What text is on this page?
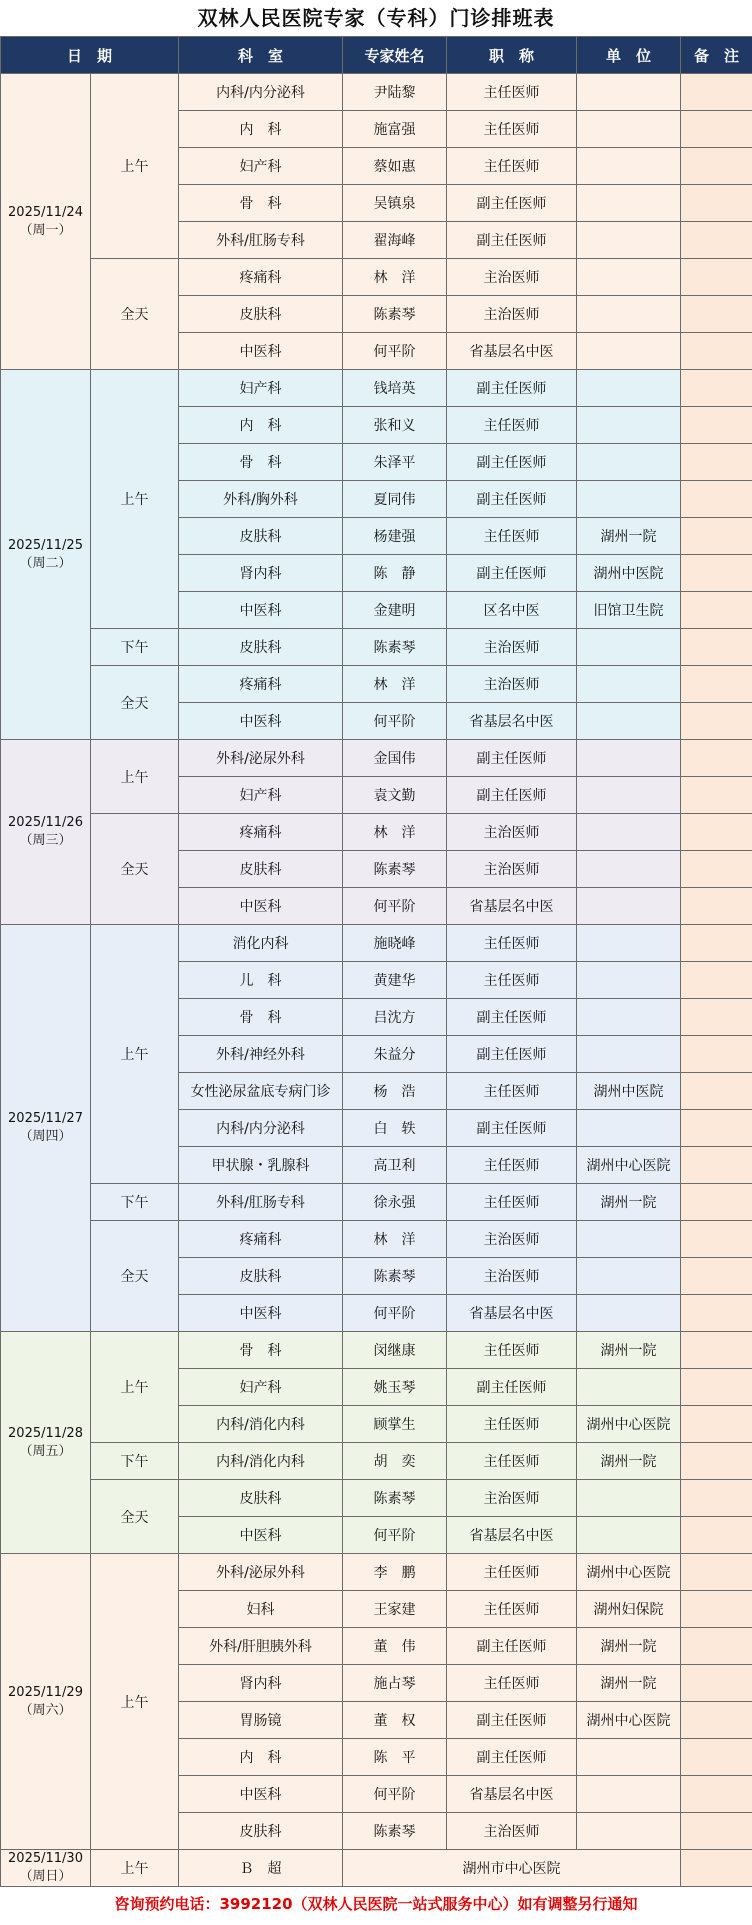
双林人民医院专家（专科）门诊排班表
日　期		科　室	专家姓名	职　称	单　位	备　注

2025/11/24
（周一）	上午	内科/内分泌科	尹陆黎	主任医师		
		内　科	施富强	主任医师		
		妇产科	蔡如惠	主任医师		
		骨　科	吴镇泉	副主任医师		
		外科/肛肠专科	翟海峰	副主任医师		
	全天	疼痛科	林　洋	主治医师		
		皮肤科	陈素琴	主治医师		
		中医科	何平阶	省基层名中医		

2025/11/25
（周二）	上午	妇产科	钱培英	副主任医师		
		内　科	张和义	主任医师		
		骨　科	朱泽平	副主任医师		
		外科/胸外科	夏同伟	副主任医师		
		皮肤科	杨建强	主任医师	湖州一院	
		肾内科	陈　静	副主任医师	湖州中医院	
		中医科	金建明	区名中医	旧馆卫生院	
	下午	皮肤科	陈素琴	主治医师		
	全天	疼痛科	林　洋	主治医师		
		中医科	何平阶	省基层名中医		

2025/11/26
（周三）	上午	外科/泌尿外科	金国伟	副主任医师		
		妇产科	袁文勤	副主任医师		
	全天	疼痛科	林　洋	主治医师		
		皮肤科	陈素琴	主治医师		
		中医科	何平阶	省基层名中医		

2025/11/27
（周四）	上午	消化内科	施晓峰	主任医师		
		儿　科	黄建华	主任医师		
		骨　科	吕沈方	副主任医师		
		外科/神经外科	朱益分	副主任医师		
		女性泌尿盆底专病门诊	杨　浩	主任医师	湖州中医院	
		内科/内分泌科	白　轶	副主任医师		
		甲状腺・乳腺科	高卫利	主任医师	湖州中心医院	
	下午	外科/肛肠专科	徐永强	主任医师	湖州一院	
	全天	疼痛科	林　洋	主治医师		
		皮肤科	陈素琴	主治医师		
		中医科	何平阶	省基层名中医		

2025/11/28
（周五）	上午	骨　科	闵继康	主任医师	湖州一院	
		妇产科	姚玉琴	副主任医师		
		内科/消化内科	顾掌生	主任医师	湖州中心医院	
	下午	内科/消化内科	胡　奕	主任医师	湖州一院	
	全天	皮肤科	陈素琴	主治医师		
		中医科	何平阶	省基层名中医		

2025/11/29
（周六）	上午	外科/泌尿外科	李　鹏	主任医师	湖州中心医院	
		妇科	王家建	主任医师	湖州妇保院	
		外科/肝胆胰外科	董　伟	副主任医师	湖州一院	
		肾内科	施占琴	主任医师	湖州一院	
		胃肠镜	董　权	副主任医师	湖州中心医院	
		内　科	陈　平	副主任医师		
		中医科	何平阶	省基层名中医		
		皮肤科	陈素琴	主治医师		

2025/11/30
（周日）	上午	Ｂ　超	湖州市中心医院			
咨询预约电话：3992120（双林人民医院一站式服务中心）如有调整另行通知
